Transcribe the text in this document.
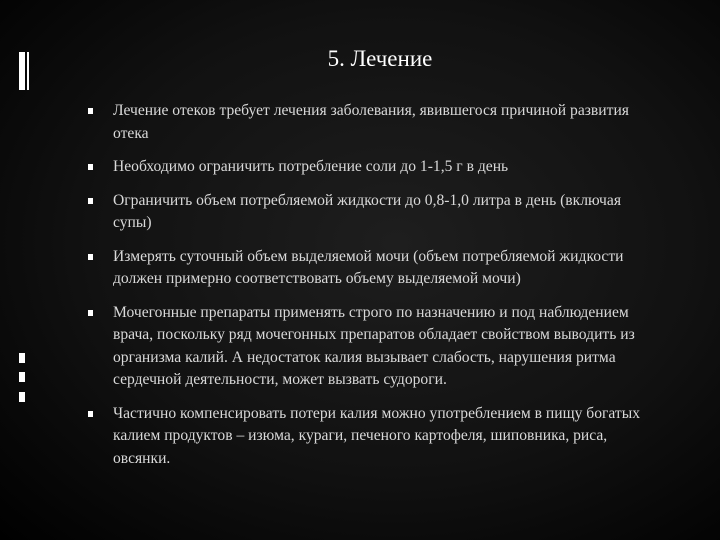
5. Лечение
Лечение отеков требует лечения заболевания, явившегося причиной развития отека
Необходимо ограничить потребление соли до 1-1,5 г в день
Ограничить объем потребляемой жидкости до 0,8-1,0 литра в день (включая супы)
Измерять суточный объем выделяемой мочи (объем потребляемой жидкости должен примерно соответствовать объему выделяемой мочи)
Мочегонные препараты применять строго по назначению и под наблюдением врача, поскольку ряд мочегонных препаратов обладает свойством выводить из организма калий. А недостаток калия вызывает слабость, нарушения ритма сердечной деятельности, может вызвать судороги.
Частично компенсировать потери калия можно употреблением в пищу богатых калием продуктов – изюма, кураги, печеного картофеля, шиповника, риса, овсянки.
